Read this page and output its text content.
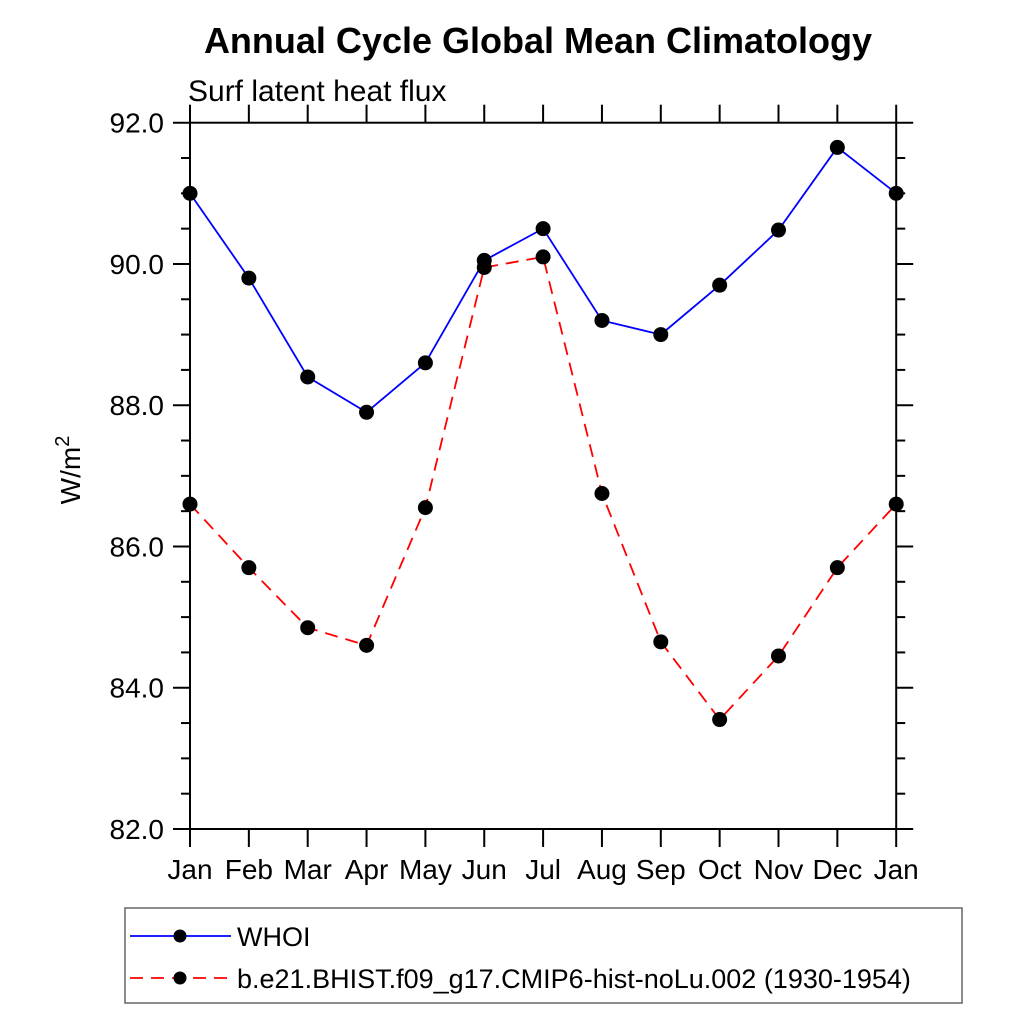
Annual Cycle Global Mean Climatology
Surf latent heat flux
$W/m^2$
82.0
84.0
86.0
88.0
90.0
92.0
Jan Feb Mar Apr May Jun Jul Aug Sep Oct Nov Dec Jan
WHOI
b.e21.BHIST.f09_g17.CMIP6-hist-noLu.002 (1930-1954)
